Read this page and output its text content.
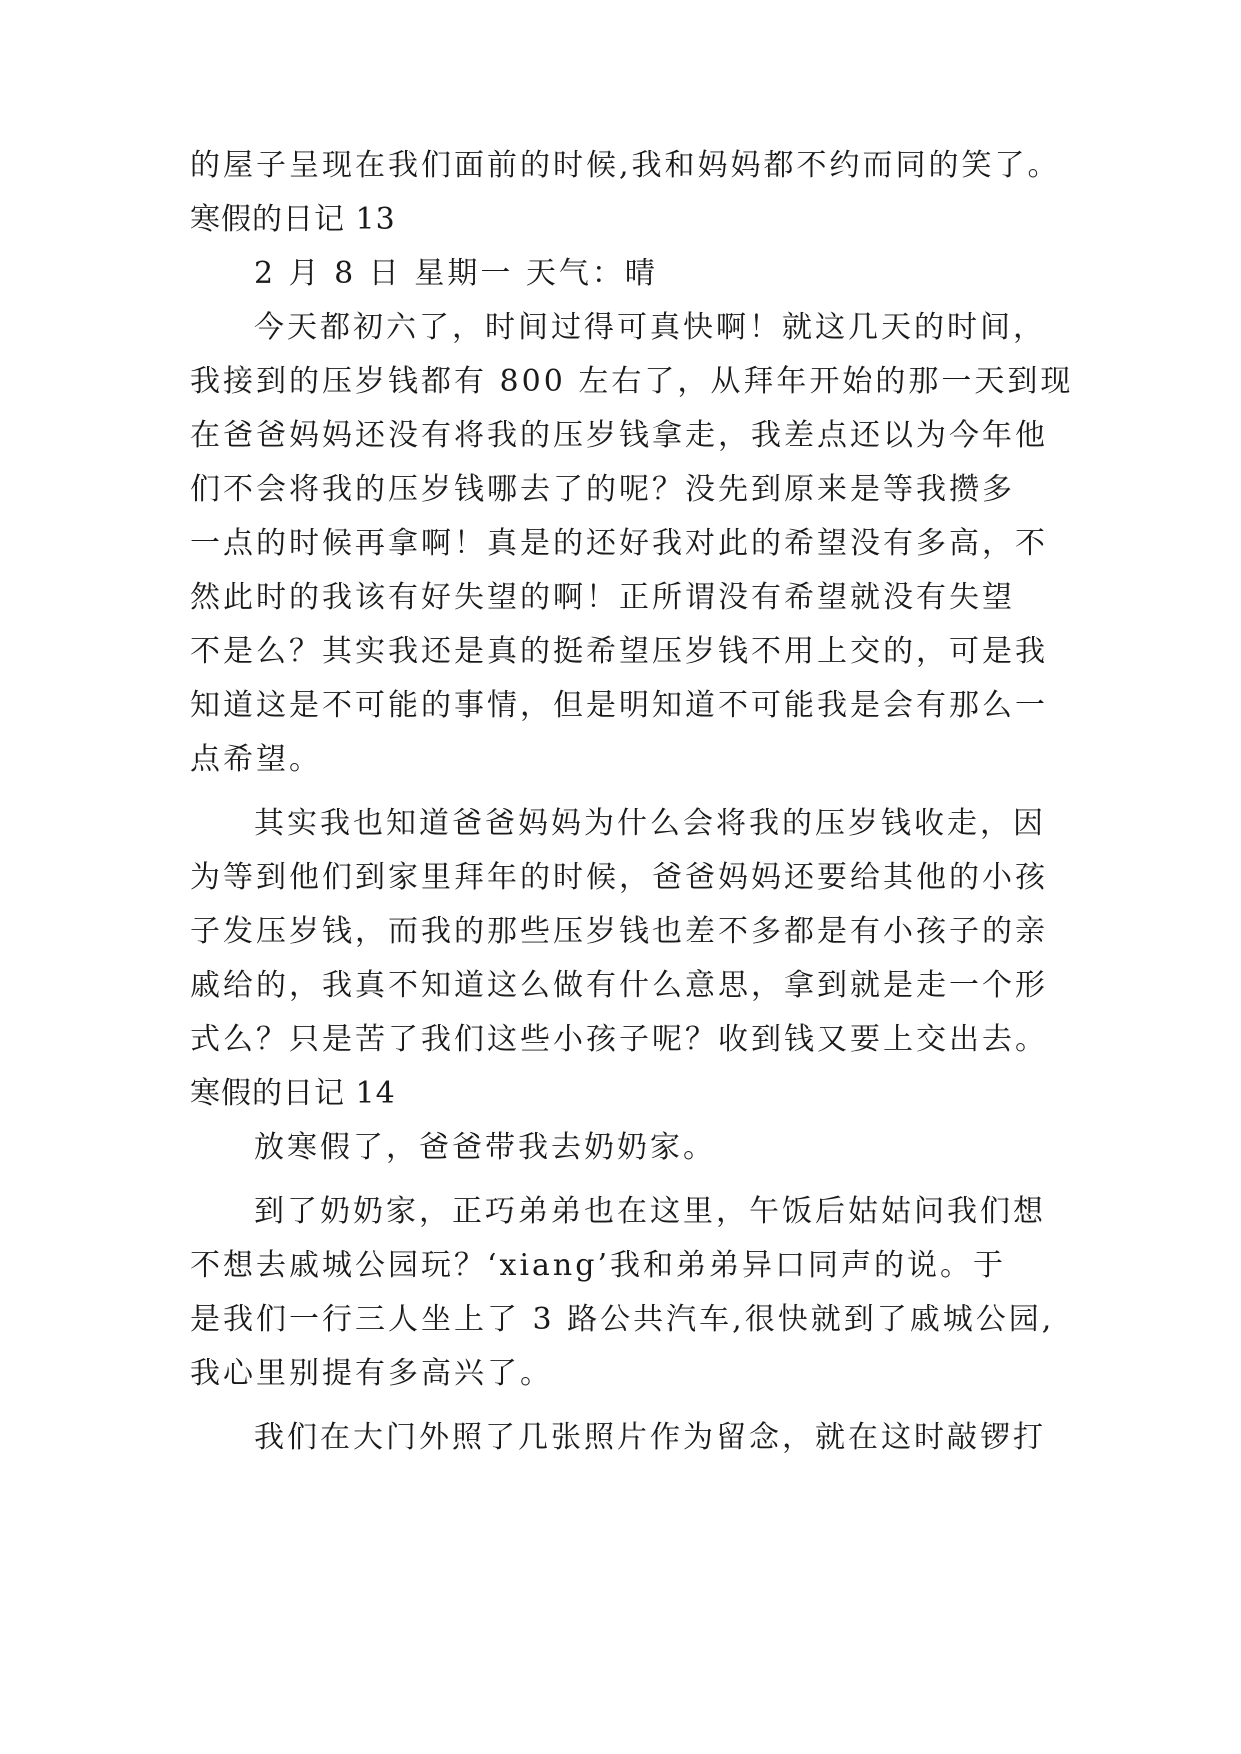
的屋子呈现在我们面前的时候,我和妈妈都不约而同的笑了。
寒假的日记 13
2 月 8 日 星期一 天气：晴
今天都初六了，时间过得可真快啊！就这几天的时间，
我接到的压岁钱都有 800 左右了，从拜年开始的那一天到现
在爸爸妈妈还没有将我的压岁钱拿走，我差点还以为今年他
们不会将我的压岁钱哪去了的呢？没先到原来是等我攒多
一点的时候再拿啊！真是的还好我对此的希望没有多高，不
然此时的我该有好失望的啊！正所谓没有希望就没有失望
不是么？其实我还是真的挺希望压岁钱不用上交的，可是我
知道这是不可能的事情，但是明知道不可能我是会有那么一
点希望。
其实我也知道爸爸妈妈为什么会将我的压岁钱收走，因
为等到他们到家里拜年的时候，爸爸妈妈还要给其他的小孩
子发压岁钱，而我的那些压岁钱也差不多都是有小孩子的亲
戚给的，我真不知道这么做有什么意思，拿到就是走一个形
式么？只是苦了我们这些小孩子呢？收到钱又要上交出去。
寒假的日记 14
放寒假了，爸爸带我去奶奶家。
到了奶奶家，正巧弟弟也在这里，午饭后姑姑问我们想
不想去戚城公园玩？‘xiang’我和弟弟异口同声的说。于
是我们一行三人坐上了 3 路公共汽车,很快就到了戚城公园,
我心里别提有多高兴了。
我们在大门外照了几张照片作为留念，就在这时敲锣打
